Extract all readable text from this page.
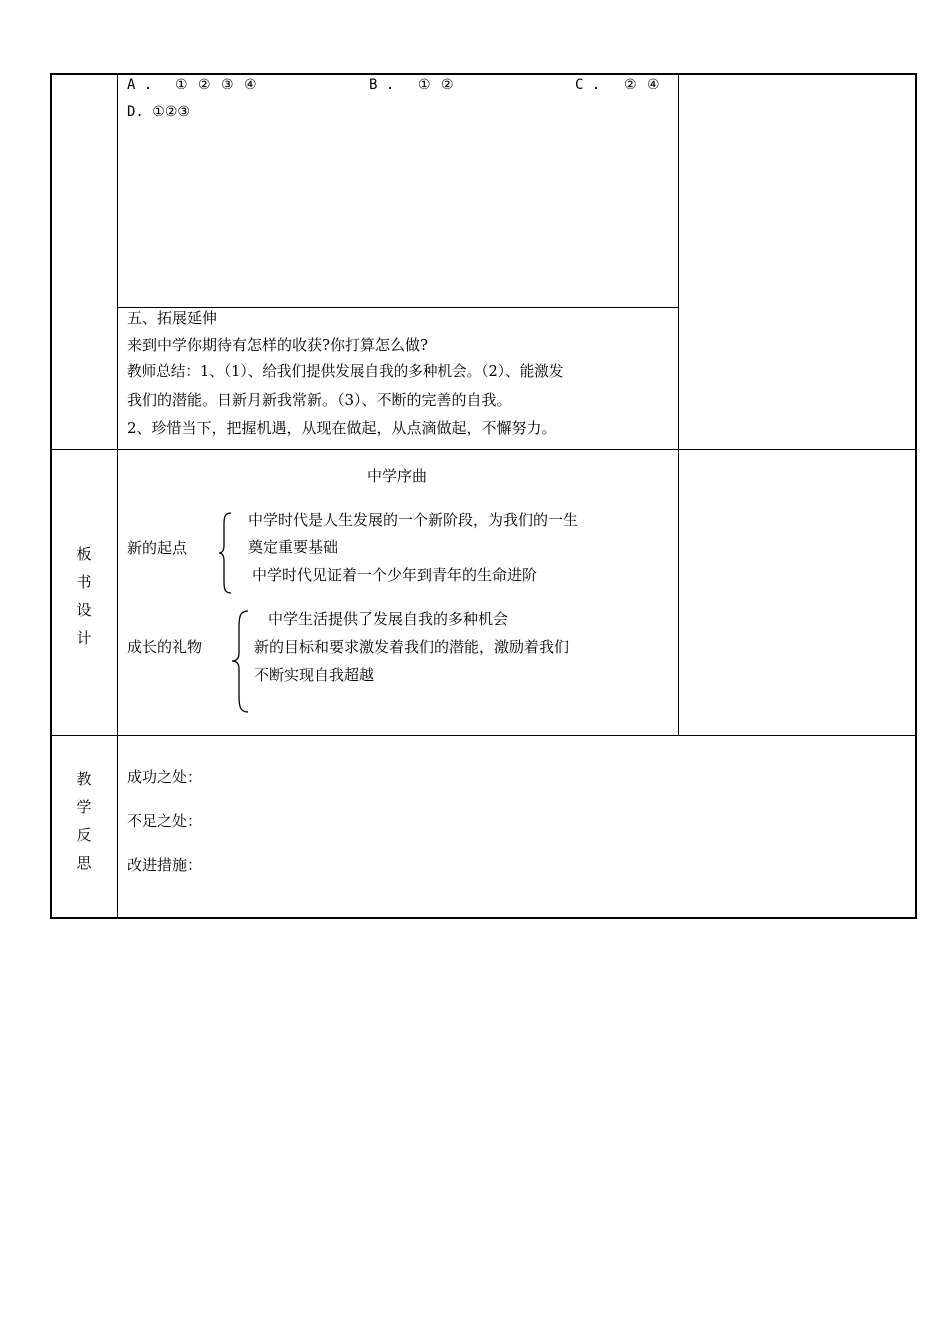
A . ① ② ③ ④	B . ① ②	C . ② ④
D. ①②③
五、拓展延伸
来到中学你期待有怎样的收获?你打算怎么做?
教师总结：1、（1）、给我们提供发展自我的多种机会。（2）、能激发
我们的潜能。日新月新我常新。（3）、不断的完善的自我。
2、珍惜当下，把握机遇，从现在做起，从点滴做起，不懈努力。
板
书
设
计
中学序曲
新的起点
中学时代是人生发展的一个新阶段，为我们的一生
奠定重要基础
中学时代见证着一个少年到青年的生命进阶
成长的礼物
中学生活提供了发展自我的多种机会
新的目标和要求激发着我们的潜能，激励着我们
不断实现自我超越
教
学
反
思
成功之处：
不足之处：
改进措施：
